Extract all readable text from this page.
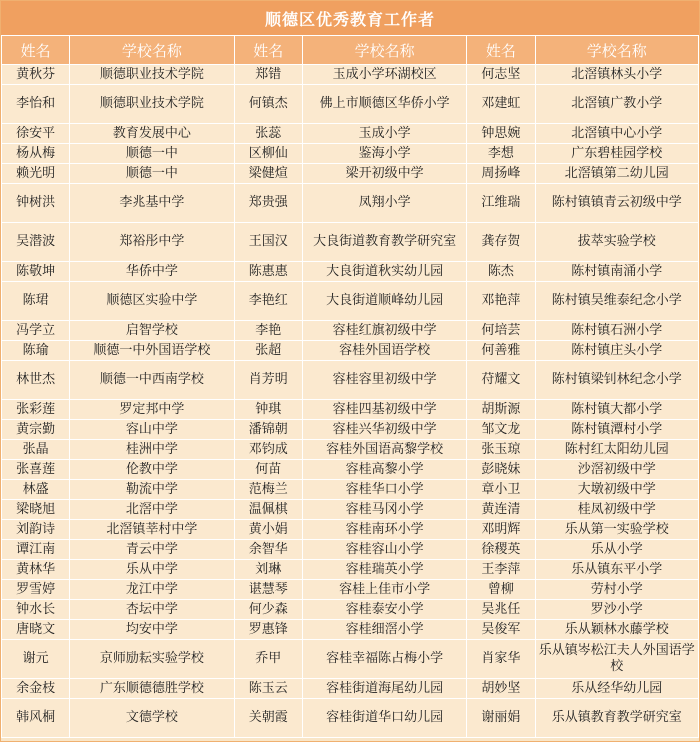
顺德区优秀教育工作者
姓名	学校名称	姓名	学校名称	姓名	学校名称
黄秋芬	顺德职业技术学院	郑错	玉成小学环湖校区	何志坚	北滘镇林头小学
李怡和	顺德职业技术学院	何镇杰	佛上市顺德区华侨小学	邓建虹	北滘镇广教小学
徐安平	教育发展中心	张蕊	玉成小学	钟思婉	北滘镇中心小学
杨从梅	顺德一中	区柳仙	鉴海小学	李想	广东碧桂园学校
赖光明	顺德一中	梁健煊	梁开初级中学	周扬峰	北滘镇第二幼儿园
钟树洪	李兆基中学	郑贵强	凤翔小学	江维瑞	陈村镇镇青云初级中学
吴潜波	郑裕彤中学	王国汉	大良街道教育教学研究室	龚存贺	拔萃实验学校
陈敬坤	华侨中学	陈惠惠	大良街道秋实幼儿园	陈杰	陈村镇南涌小学
陈珺	顺德区实验中学	李艳红	大良街道顺峰幼儿园	邓艳萍	陈村镇吴维泰纪念小学
冯学立	启智学校	李艳	容桂红旗初级中学	何培芸	陈村镇石洲小学
陈瑜	顺德一中外国语学校	张超	容桂外国语学校	何善雅	陈村镇庄头小学
林世杰	顺德一中西南学校	肖芳明	容桂容里初级中学	苻耀文	陈村镇梁钊林纪念小学
张彩莲	罗定邦中学	钟琪	容桂四基初级中学	胡斯源	陈村镇大都小学
黄宗勤	容山中学	潘锦朝	容桂兴华初级中学	邹文龙	陈村镇潭村小学
张晶	桂洲中学	邓钧成	容桂外国语高黎学校	张玉琼	陈村红太阳幼儿园
张喜莲	伦教中学	何苗	容桂高黎小学	彭晓妹	沙滘初级中学
林盛	勒流中学	范梅兰	容桂华口小学	章小卫	大墩初级中学
梁晓旭	北滘中学	温佩棋	容桂马冈小学	黄连清	桂凤初级中学
刘韵诗	北滘镇莘村中学	黄小娟	容桂南环小学	邓明辉	乐从第一实验学校
谭江南	青云中学	余智华	容桂容山小学	徐稷英	乐从小学
黄林华	乐从中学	刘琳	容桂瑞英小学	王李萍	乐从镇东平小学
罗雪婷	龙江中学	谌慧琴	容桂上佳市小学	曾柳	劳村小学
钟水长	杏坛中学	何少森	容桂泰安小学	吴兆任	罗沙小学
唐晓文	均安中学	罗惠锋	容桂细滘小学	吴俊军	乐从颖林水藤学校
谢元	京师励耘实验学校	乔甲	容桂幸福陈占梅小学	肖家华	乐从镇岑松江夫人外国语学校
余金枝	广东顺德德胜学校	陈玉云	容桂街道海尾幼儿园	胡妙坚	乐从经华幼儿园
韩风桐	文德学校	关朝霞	容桂街道华口幼儿园	谢丽娟	乐从镇教育教学研究室
